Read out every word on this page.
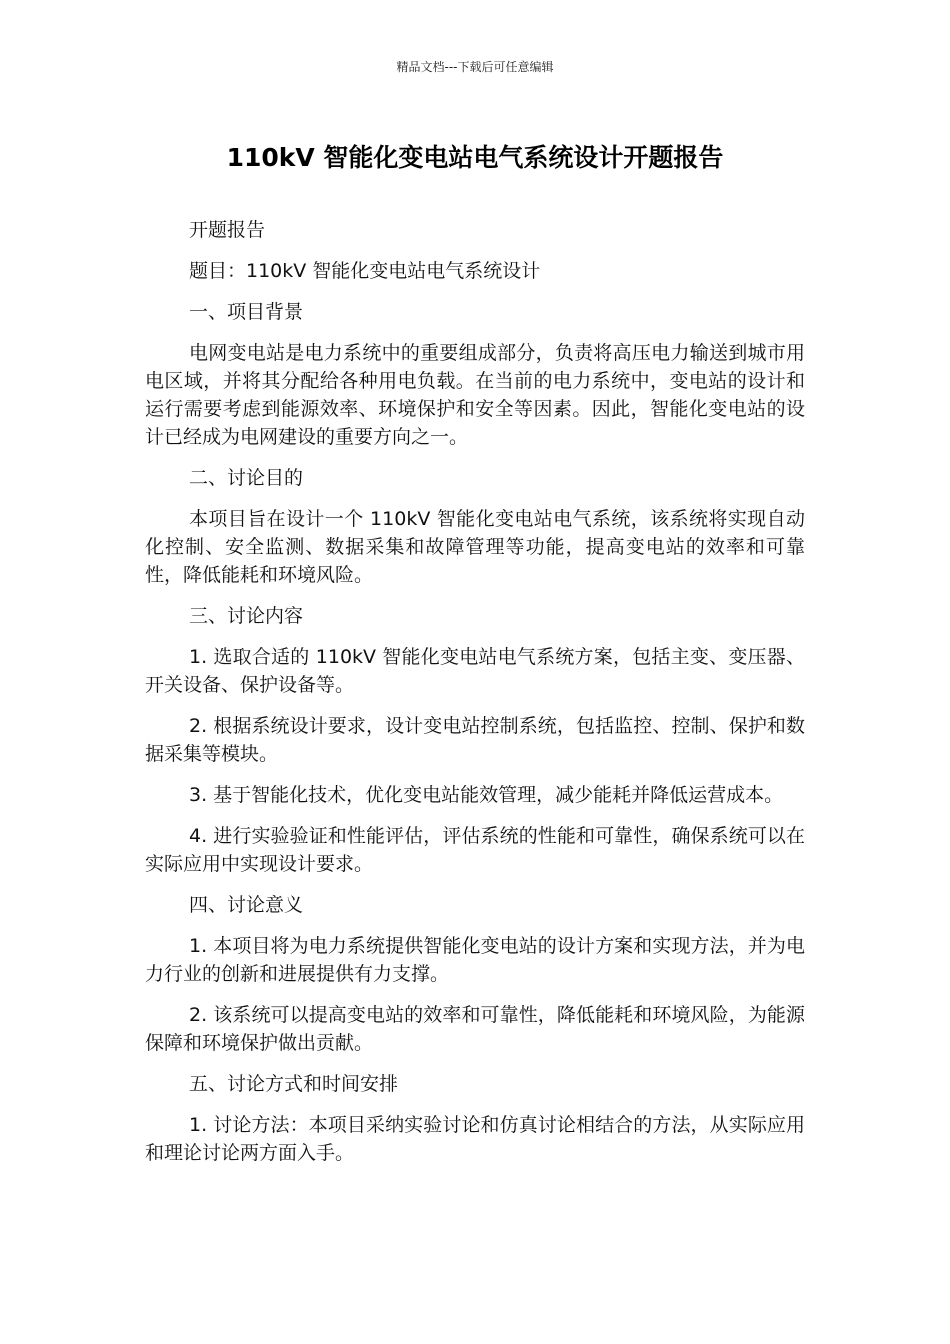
精品文档---下载后可任意编辑
110kV 智能化变电站电气系统设计开题报告

开题报告

题目：110kV 智能化变电站电气系统设计

一、项目背景

电网变电站是电力系统中的重要组成部分，负责将高压电力输送到城市用电区域，并将其分配给各种用电负载。在当前的电力系统中，变电站的设计和运行需要考虑到能源效率、环境保护和安全等因素。因此，智能化变电站的设计已经成为电网建设的重要方向之一。

二、讨论目的

本项目旨在设计一个 110kV 智能化变电站电气系统，该系统将实现自动化控制、安全监测、数据采集和故障管理等功能，提高变电站的效率和可靠性，降低能耗和环境风险。

三、讨论内容

1. 选取合适的 110kV 智能化变电站电气系统方案，包括主变、变压器、开关设备、保护设备等。

2. 根据系统设计要求，设计变电站控制系统，包括监控、控制、保护和数据采集等模块。

3. 基于智能化技术，优化变电站能效管理，减少能耗并降低运营成本。

4. 进行实验验证和性能评估，评估系统的性能和可靠性，确保系统可以在实际应用中实现设计要求。

四、讨论意义

1. 本项目将为电力系统提供智能化变电站的设计方案和实现方法，并为电力行业的创新和进展提供有力支撑。

2. 该系统可以提高变电站的效率和可靠性，降低能耗和环境风险，为能源保障和环境保护做出贡献。

五、讨论方式和时间安排

1. 讨论方法：本项目采纳实验讨论和仿真讨论相结合的方法，从实际应用和理论讨论两方面入手。
